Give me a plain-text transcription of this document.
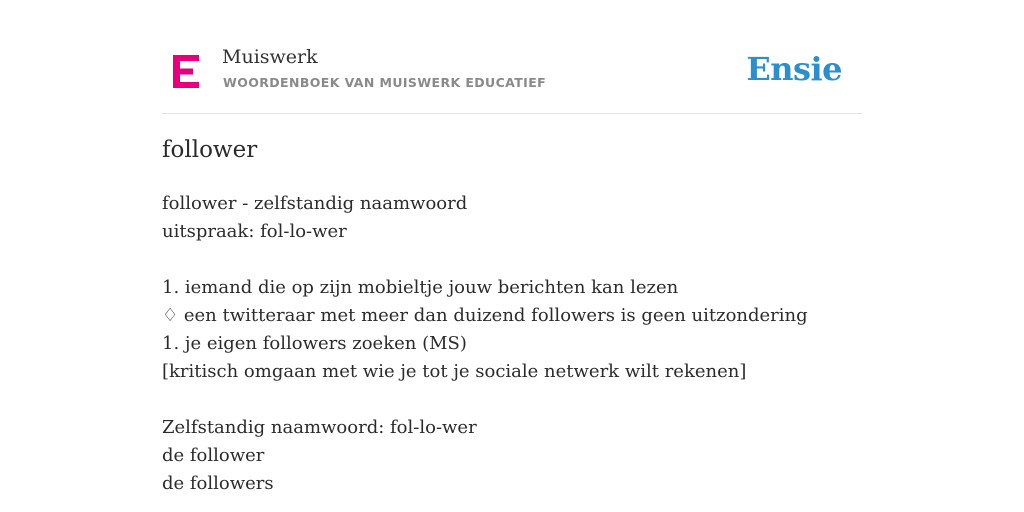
Muiswerk
WOORDENBOEK VAN MUISWERK EDUCATIEF	Ensie
follower
follower - zelfstandig naamwoord
uitspraak: fol-lo-wer
1. iemand die op zijn mobieltje jouw berichten kan lezen
♢ een twitteraar met meer dan duizend followers is geen uitzondering
1. je eigen followers zoeken (MS)
[kritisch omgaan met wie je tot je sociale netwerk wilt rekenen]
Zelfstandig naamwoord: fol-lo-wer
de follower
de followers
